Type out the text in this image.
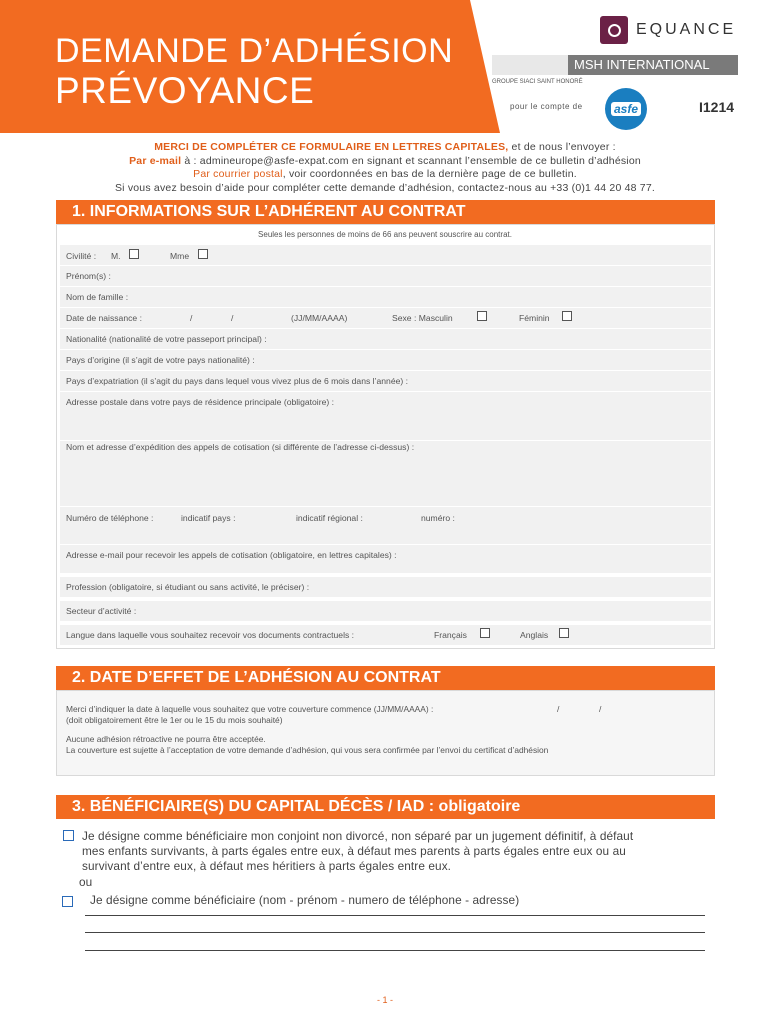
DEMANDE D’ADHÉSION
PRÉVOYANCE
EQUANCE
MSH INTERNATIONAL
GROUPE SIACI SAINT HONORÉ
pour le compte de	asfe	I1214
MERCI DE COMPLÉTER CE FORMULAIRE EN LETTRES CAPITALES, et de nous l’envoyer :
Par e-mail à : admineurope@asfe-expat.com en signant et scannant l’ensemble de ce bulletin d’adhésion
Par courrier postal, voir coordonnées en bas de la dernière page de ce bulletin.
Si vous avez besoin d’aide pour compléter cette demande d’adhésion, contactez-nous au +33 (0)1 44 20 48 77.
1. INFORMATIONS SUR L’ADHÉRENT AU CONTRAT
Seules les personnes de moins de 66 ans peuvent souscrire au contrat.
Civilité : M.	Mme
Prénom(s) :
Nom de famille :
Date de naissance :	/	/	(JJ/MM/AAAA)	Sexe : Masculin	Féminin
Nationalité (nationalité de votre passeport principal) :
Pays d’origine (il s’agit de votre pays nationalité) :
Pays d’expatriation (il s’agit du pays dans lequel vous vivez plus de 6 mois dans l’année) :
Adresse postale dans votre pays de résidence principale (obligatoire) :
Nom et adresse d’expédition des appels de cotisation (si différente de l’adresse ci-dessus) :
Numéro de téléphone :	indicatif pays :	indicatif régional :	numéro :
Adresse e-mail pour recevoir les appels de cotisation (obligatoire, en lettres capitales) :
Profession (obligatoire, si étudiant ou sans activité, le préciser) :
Secteur d’activité :
Langue dans laquelle vous souhaitez recevoir vos documents contractuels :	Français	Anglais
2. DATE D’EFFET DE L’ADHÉSION AU CONTRAT
Merci d’indiquer la date à laquelle vous souhaitez que votre couverture commence (JJ/MM/AAAA) :	/	/
(doit obligatoirement être le 1er ou le 15 du mois souhaité)
Aucune adhésion rétroactive ne pourra être acceptée.
La couverture est sujette à l’acceptation de votre demande d’adhésion, qui vous sera confirmée par l’envoi du certificat d’adhésion
3. BÉNÉFICIAIRE(S) DU CAPITAL DÉCÈS / IAD : obligatoire
Je désigne comme bénéficiaire mon conjoint non divorcé, non séparé par un jugement définitif, à défaut
mes enfants survivants, à parts égales entre eux, à défaut mes parents à parts égales entre eux ou au
survivant d’entre eux, à défaut mes héritiers à parts égales entre eux.
ou
Je désigne comme bénéficiaire (nom - prénom - numero de téléphone - adresse)
- 1 -
